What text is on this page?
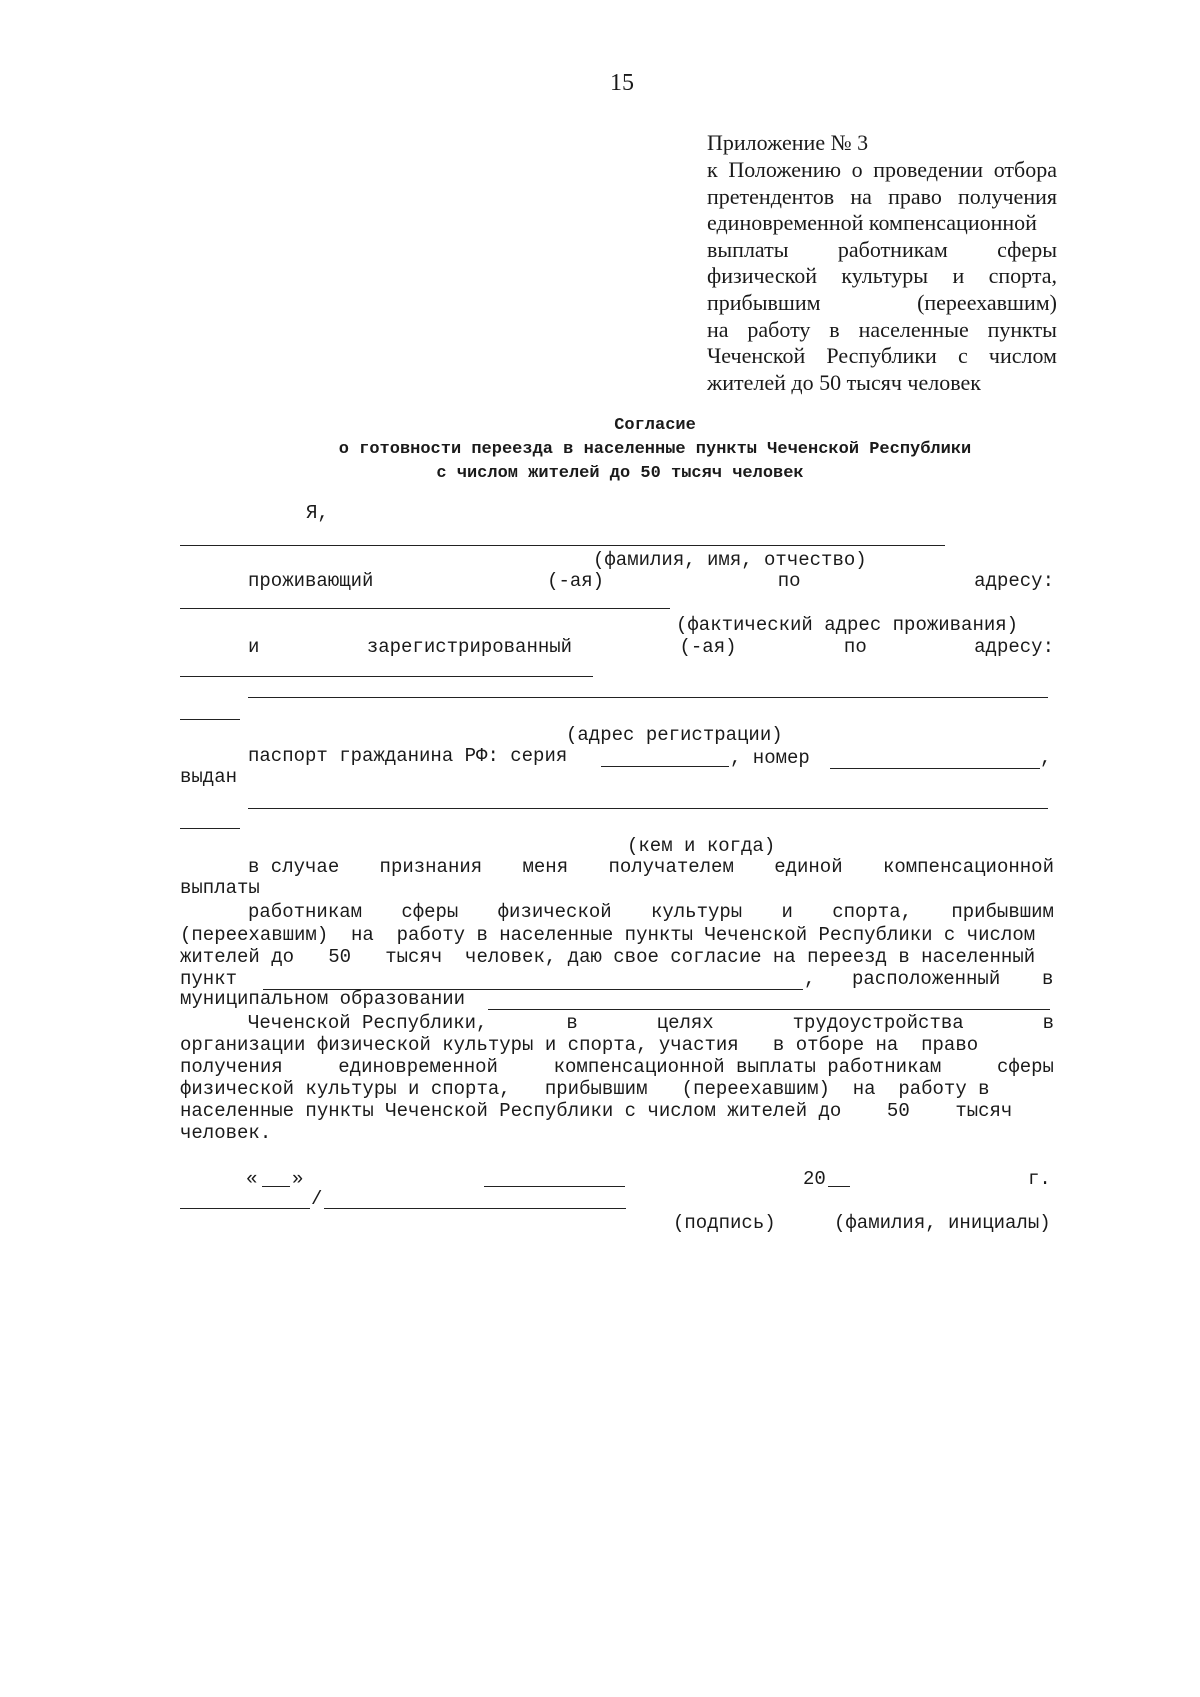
15
Приложение № 3
к Положению о проведении отбора
претендентов на право получения
единовременной компенсационной
выплаты работникам сферы
физической культуры и спорта,
прибывшим	(переехавшим)
на работу в населенные пункты
Чеченской Республики с числом
жителей до 50 тысяч человек
Согласие
о готовности переезда в населенные пункты Чеченской Республики
с числом жителей до 50 тысяч человек
Я,
(фамилия, имя, отчество)
проживающий	(-ая)	по	адресу:
(фактический адрес проживания)
и	зарегистрированный	(-ая)	по	адресу:
(адрес регистрации)
паспорт гражданина РФ: серия	, номер	,
выдан
(кем и когда)
в случае признания меня получателем единой компенсационной
выплаты
работникам сферы физической культуры и спорта, прибывшим
(переехавшим)  на  работу в населенные пункты Чеченской Республики с числом
жителей до   50   тысяч  человек, даю свое согласие на переезд в населенный
пункт	, расположенный в
муниципальном образовании
Чеченской Республики,	в	целях	трудоустройства	в
организации физической культуры и спорта, участия   в отборе на  право
получения	единовременной	компенсационной выплаты работникам	сферы
физической культуры и спорта,   прибывшим   (переехавшим)  на  работу в
населенные пункты Чеченской Республики с числом жителей до    50    тысяч
человек.
« »	20	г.
/
(подпись)	(фамилия, инициалы)
